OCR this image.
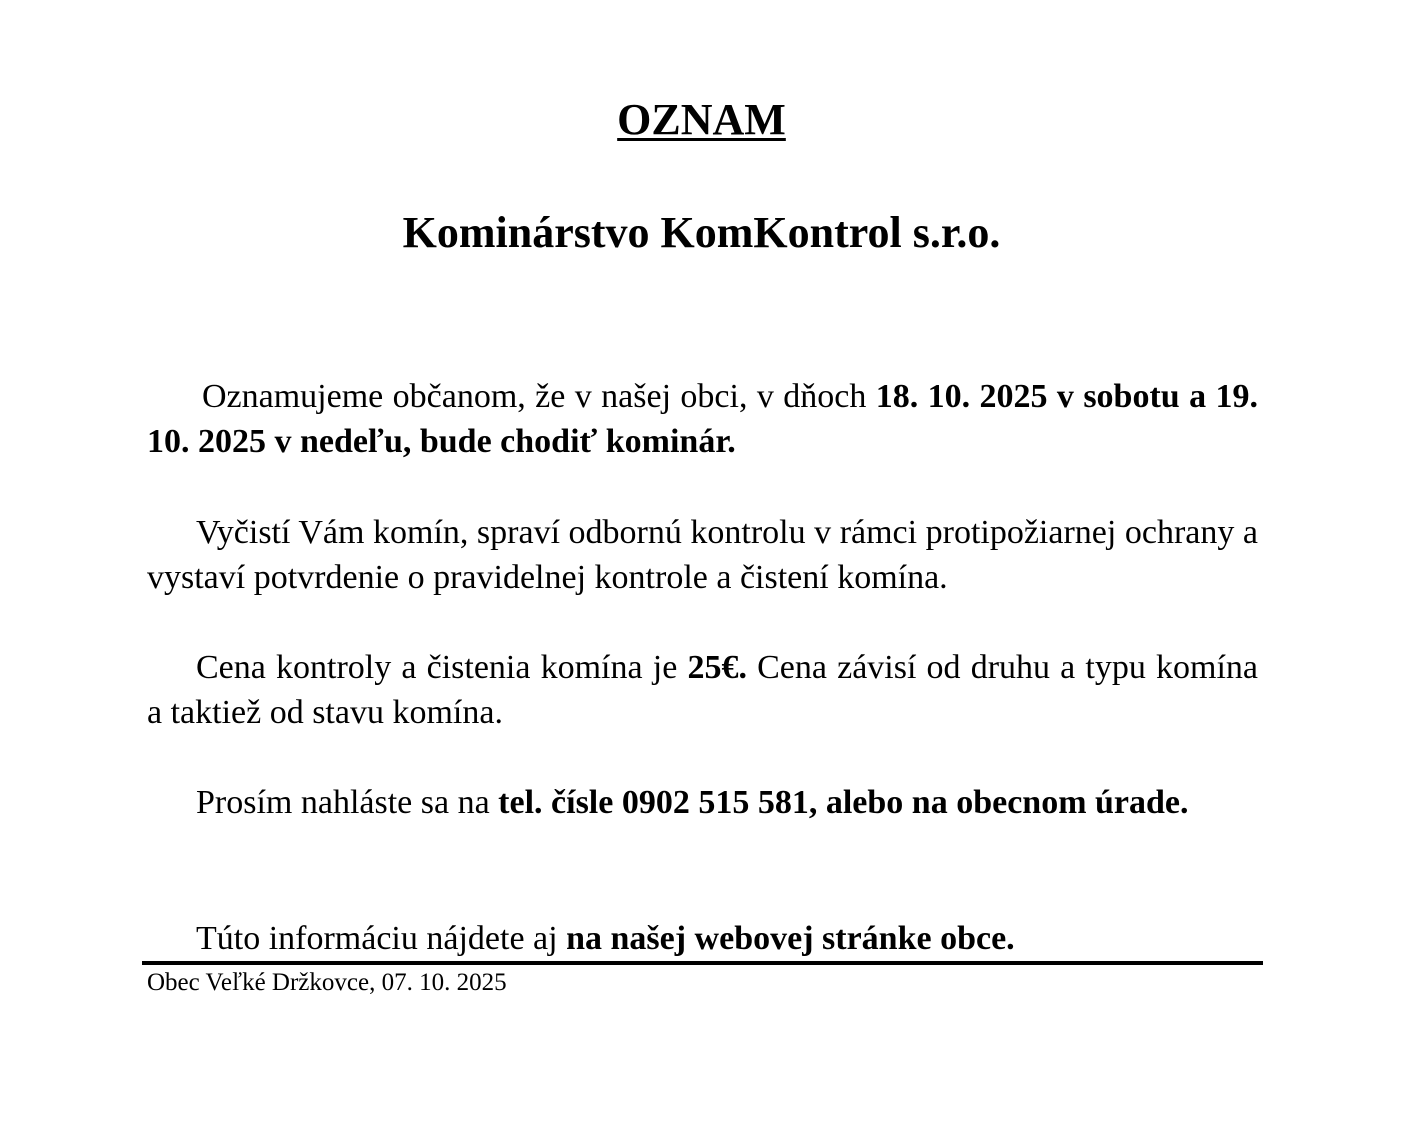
OZNAM
Kominárstvo KomKontrol s.r.o.

Oznamujeme občanom, že v našej obci, v dňoch 18. 10. 2025 v sobotu a 19. 10. 2025 v nedeľu, bude chodiť kominár.

Vyčistí Vám komín, spraví odbornú kontrolu v rámci protipožiarnej ochrany a vystaví potvrdenie o pravidelnej kontrole a čistení komína.

Cena kontroly a čistenia komína je 25€. Cena závisí od druhu a typu komína a taktiež od stavu komína.

Prosím nahláste sa na tel. čísle 0902 515 581, alebo na obecnom úrade.

Túto informáciu nájdete aj na našej webovej stránke obce.

Obec Veľké Držkovce, 07. 10. 2025
